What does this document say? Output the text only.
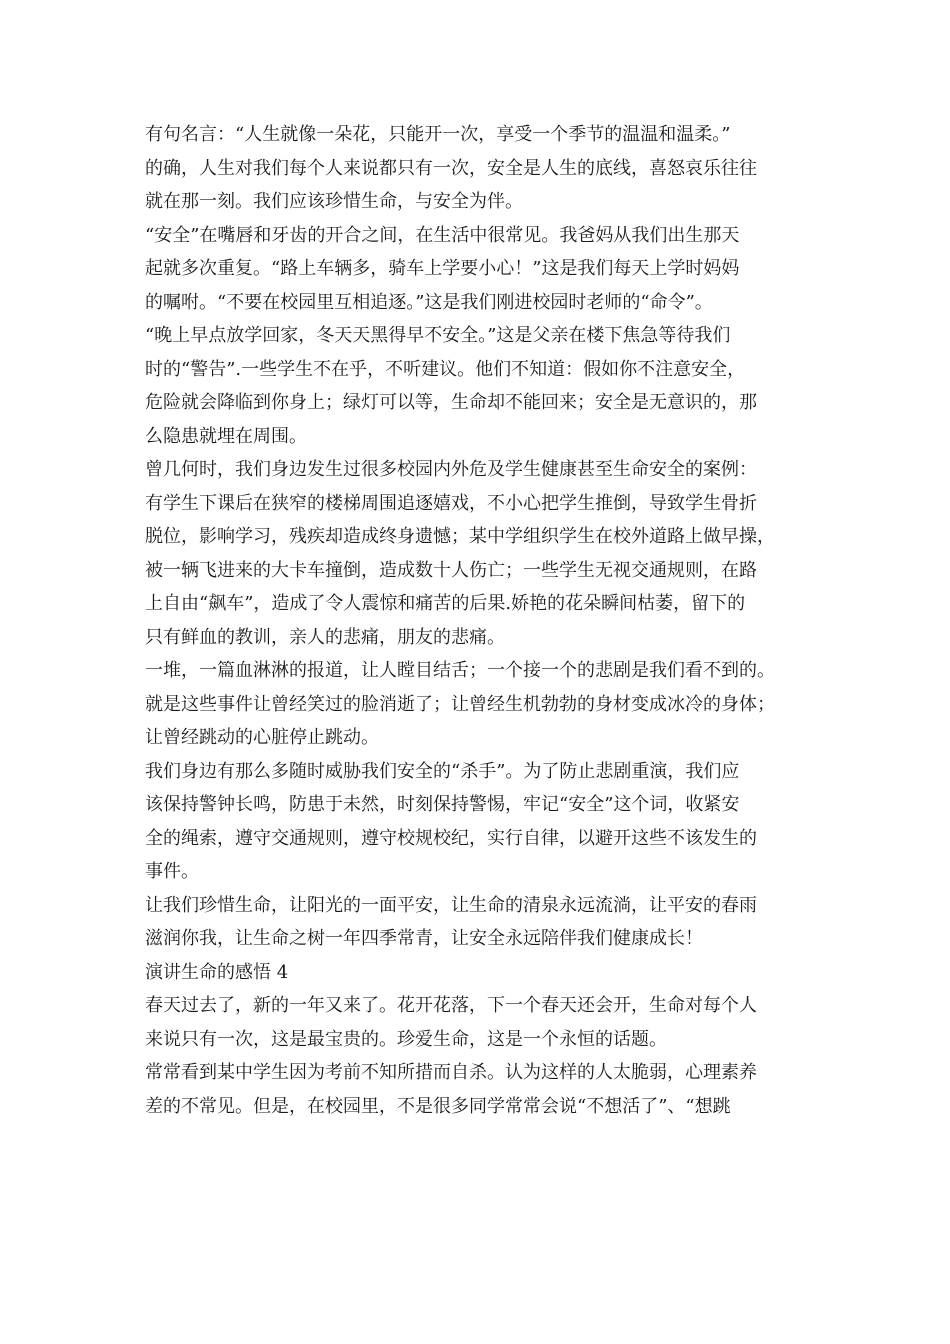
有句名言：“人生就像一朵花，只能开一次，享受一个季节的温温和温柔。”
的确，人生对我们每个人来说都只有一次，安全是人生的底线，喜怒哀乐往往
就在那一刻。我们应该珍惜生命，与安全为伴。
“安全”在嘴唇和牙齿的开合之间，在生活中很常见。我爸妈从我们出生那天
起就多次重复。“路上车辆多，骑车上学要小心！”这是我们每天上学时妈妈
的嘱咐。“不要在校园里互相追逐。”这是我们刚进校园时老师的“命令”。
“晚上早点放学回家，冬天天黑得早不安全。”这是父亲在楼下焦急等待我们
时的“警告”.一些学生不在乎，不听建议。他们不知道：假如你不注意安全，
危险就会降临到你身上；绿灯可以等，生命却不能回来；安全是无意识的，那
么隐患就埋在周围。
曾几何时，我们身边发生过很多校园内外危及学生健康甚至生命安全的案例：
有学生下课后在狭窄的楼梯周围追逐嬉戏，不小心把学生推倒，导致学生骨折
脱位，影响学习，残疾却造成终身遗憾；某中学组织学生在校外道路上做早操，
被一辆飞进来的大卡车撞倒，造成数十人伤亡；一些学生无视交通规则，在路
上自由“飙车”，造成了令人震惊和痛苦的后果.娇艳的花朵瞬间枯萎，留下的
只有鲜血的教训，亲人的悲痛，朋友的悲痛。
一堆，一篇血淋淋的报道，让人瞠目结舌；一个接一个的悲剧是我们看不到的。
就是这些事件让曾经笑过的脸消逝了；让曾经生机勃勃的身材变成冰冷的身体；
让曾经跳动的心脏停止跳动。
我们身边有那么多随时威胁我们安全的“杀手”。为了防止悲剧重演，我们应
该保持警钟长鸣，防患于未然，时刻保持警惕，牢记“安全”这个词，收紧安
全的绳索，遵守交通规则，遵守校规校纪，实行自律，以避开这些不该发生的
事件。
让我们珍惜生命，让阳光的一面平安，让生命的清泉永远流淌，让平安的春雨
滋润你我，让生命之树一年四季常青，让安全永远陪伴我们健康成长！
演讲生命的感悟 4
春天过去了，新的一年又来了。花开花落，下一个春天还会开，生命对每个人
来说只有一次，这是最宝贵的。珍爱生命，这是一个永恒的话题。
常常看到某中学生因为考前不知所措而自杀。认为这样的人太脆弱，心理素养
差的不常见。但是，在校园里，不是很多同学常常会说“不想活了”、“想跳
